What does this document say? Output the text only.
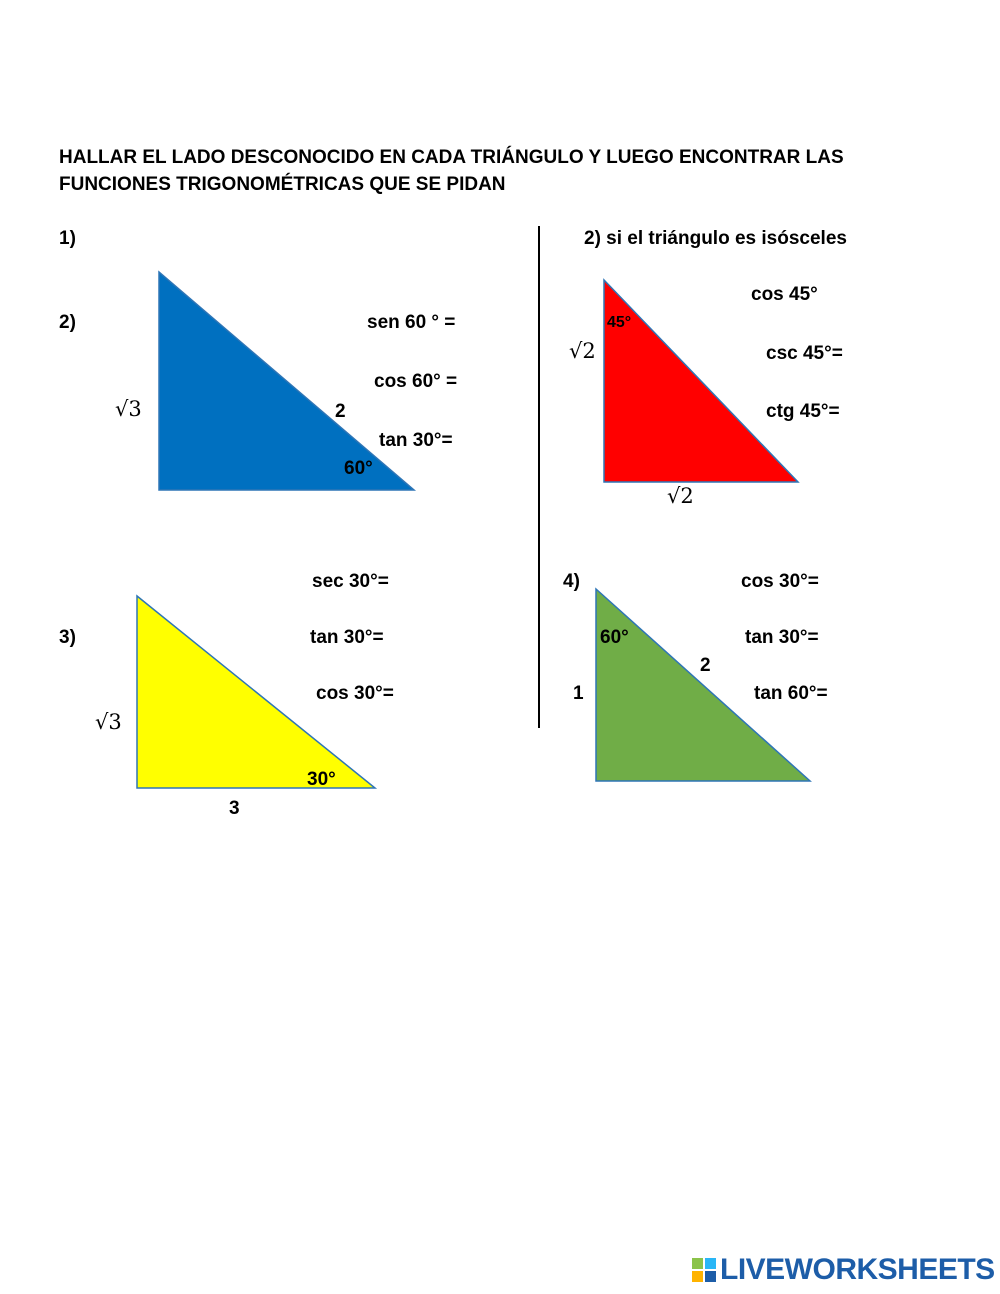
HALLAR EL LADO DESCONOCIDO EN CADA TRIÁNGULO Y LUEGO ENCONTRAR LAS FUNCIONES TRIGONOMÉTRICAS QUE SE PIDAN
1)
2)
2) si el triángulo es isósceles
3)
4)
√3	2
60°
sen 60 ° =
cos 60° =
tan 30°=
√2
√2
45°
cos 45°
csc 45°=
ctg 45°=
√3
3
30°
sec 30°=
tan 30°=
cos 30°=	1
2
60°
cos 30°=
tan 30°=
tan 60°=
LIVEWORKSHEETS
